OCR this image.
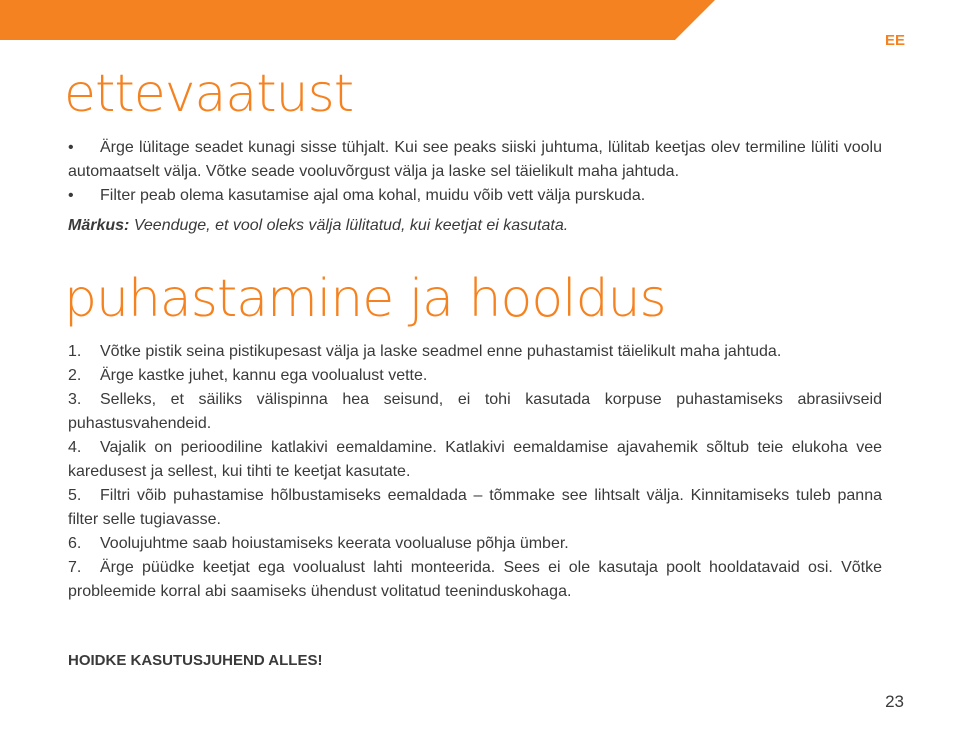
EE
ettevaatust

• Ärge lülitage seadet kunagi sisse tühjalt. Kui see peaks siiski juhtuma, lülitab keetjas olev termiline lüliti voolu automaatselt välja. Võtke seade vooluvõrgust välja ja laske sel täielikult maha jahtuda.

• Filter peab olema kasutamise ajal oma kohal, muidu võib vett välja purskuda.

Märkus: Veenduge, et vool oleks välja lülitatud, kui keetjat ei kasutata.

puhastamine ja hooldus

1. Võtke pistik seina pistikupesast välja ja laske seadmel enne puhastamist täielikult maha jahtuda.

2. Ärge kastke juhet, kannu ega voolualust vette.

3. Selleks, et säiliks välispinna hea seisund, ei tohi kasutada korpuse puhastamiseks abrasiivseid puhastusvahendeid.

4. Vajalik on perioodiline katlakivi eemaldamine. Katlakivi eemaldamise ajavahemik sõltub teie elukoha vee karedusest ja sellest, kui tihti te keetjat kasutate.

5. Filtri võib puhastamise hõlbustamiseks eemaldada – tõmmake see lihtsalt välja. Kinnitamiseks tuleb panna filter selle tugiavasse.

6. Voolujuhtme saab hoiustamiseks keerata voolualuse põhja ümber.

7. Ärge püüdke keetjat ega voolualust lahti monteerida. Sees ei ole kasutaja poolt hooldatavaid osi. Võtke probleemide korral abi saamiseks ühendust volitatud teeninduskohaga.

HOIDKE KASUTUSJUHEND ALLES!
23
